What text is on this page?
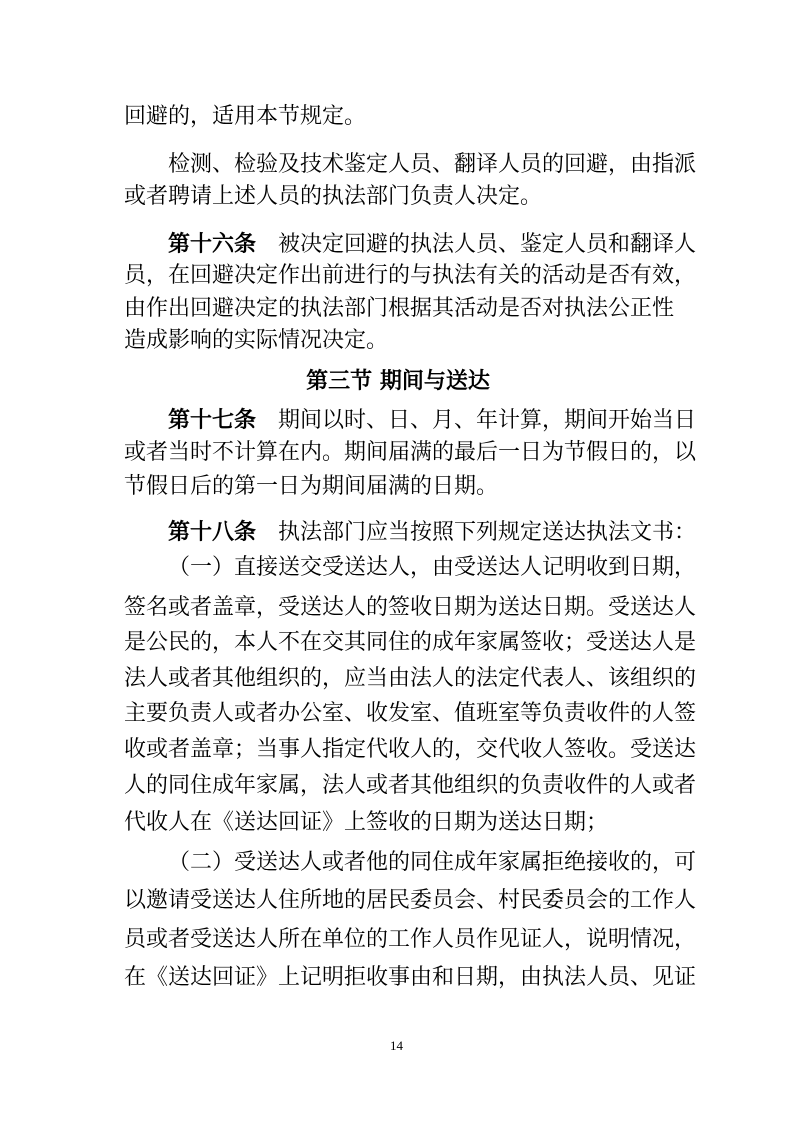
回避的，适用本节规定。
检测、检验及技术鉴定人员、翻译人员的回避，由指派
或者聘请上述人员的执法部门负责人决定。
第十六条 被决定回避的执法人员、鉴定人员和翻译人
员，在回避决定作出前进行的与执法有关的活动是否有效，
由作出回避决定的执法部门根据其活动是否对执法公正性
造成影响的实际情况决定。
第三节 期间与送达
第十七条 期间以时、日、月、年计算，期间开始当日
或者当时不计算在内。期间届满的最后一日为节假日的，以
节假日后的第一日为期间届满的日期。
第十八条 执法部门应当按照下列规定送达执法文书：
（一）直接送交受送达人，由受送达人记明收到日期，
签名或者盖章，受送达人的签收日期为送达日期。受送达人
是公民的，本人不在交其同住的成年家属签收；受送达人是
法人或者其他组织的，应当由法人的法定代表人、该组织的
主要负责人或者办公室、收发室、值班室等负责收件的人签
收或者盖章；当事人指定代收人的，交代收人签收。受送达
人的同住成年家属，法人或者其他组织的负责收件的人或者
代收人在《送达回证》上签收的日期为送达日期；
（二）受送达人或者他的同住成年家属拒绝接收的，可
以邀请受送达人住所地的居民委员会、村民委员会的工作人
员或者受送达人所在单位的工作人员作见证人，说明情况，
在《送达回证》上记明拒收事由和日期，由执法人员、见证
14
